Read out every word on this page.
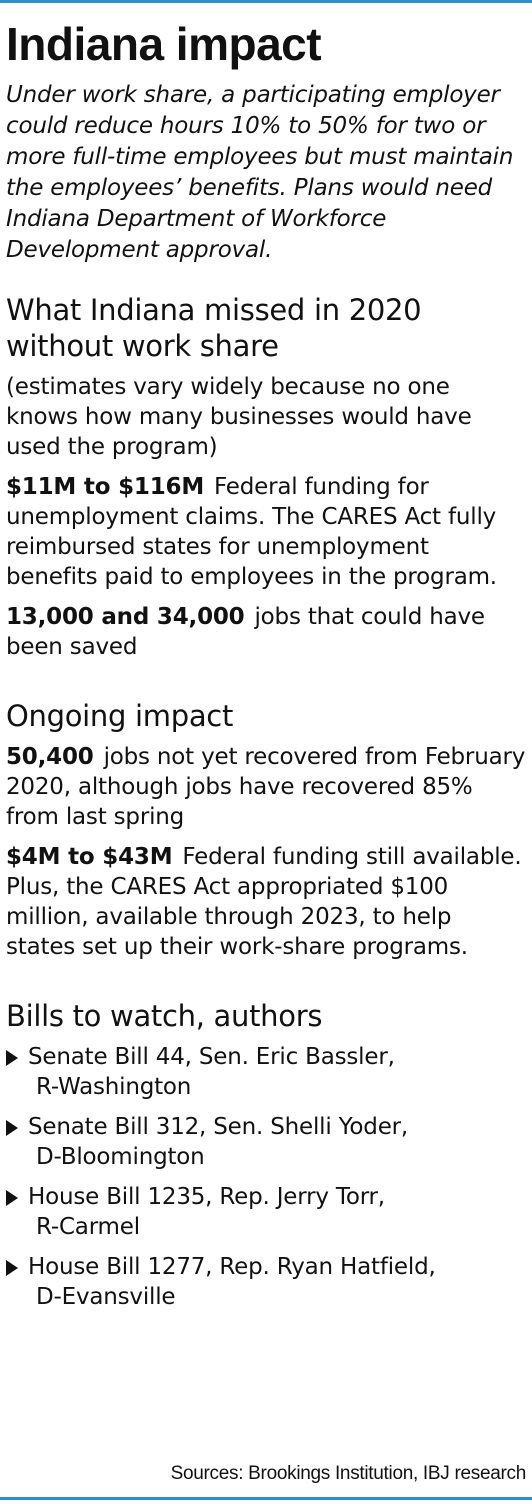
Indiana impact

Under work share, a participating employer could reduce hours 10% to 50% for two or more full-time employees but must maintain the employees’ benefits. Plans would need Indiana Department of Workforce Development approval.

What Indiana missed in 2020 without work share

(estimates vary widely because no one knows how many businesses would have used the program)

$11M to $116M Federal funding for unemployment claims. The CARES Act fully reimbursed states for unemployment benefits paid to employees in the program.

13,000 and 34,000 jobs that could have been saved

Ongoing impact

50,400 jobs not yet recovered from February 2020, although jobs have recovered 85% from last spring

$4M to $43M Federal funding still available. Plus, the CARES Act appropriated $100 million, available through 2023, to help states set up their work-share programs.

Bills to watch, authors
Senate Bill 44, Sen. Eric Bassler,
R-Washington
Senate Bill 312, Sen. Shelli Yoder,
D-Bloomington
House Bill 1235, Rep. Jerry Torr,
R-Carmel
House Bill 1277, Rep. Ryan Hatfield,
D-Evansville
Sources: Brookings Institution, IBJ research
